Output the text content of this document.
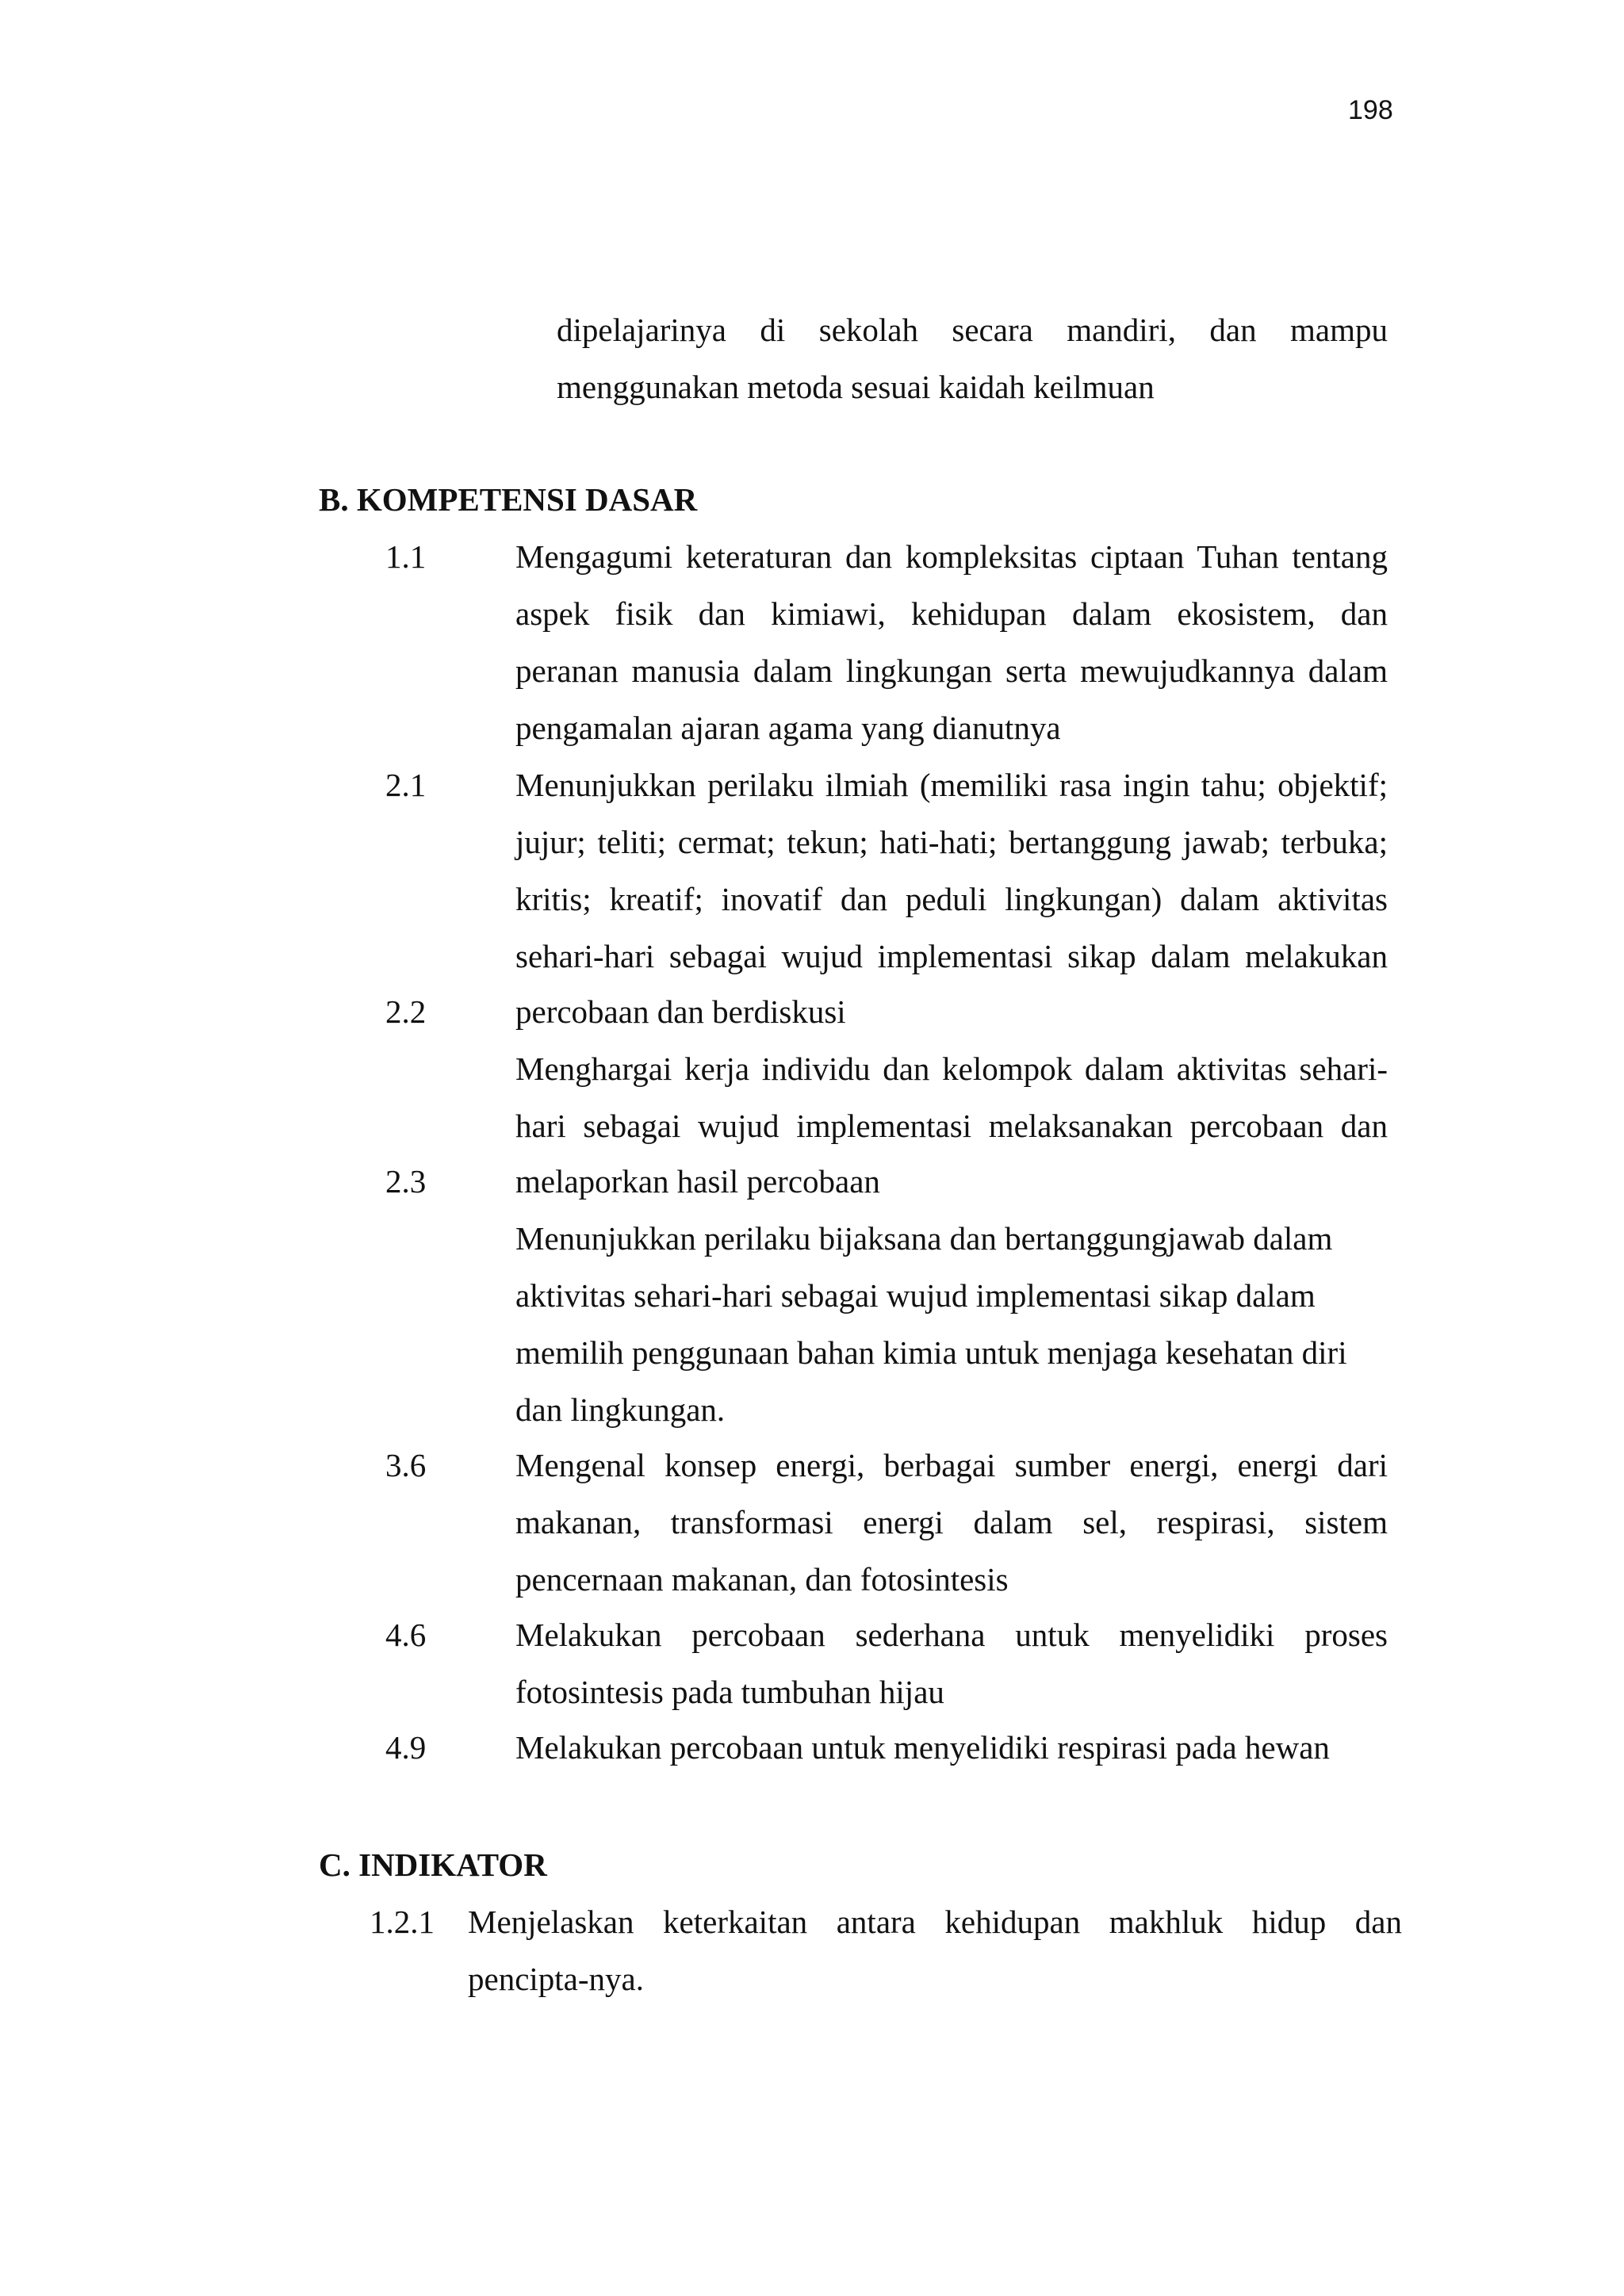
198
dipelajarinya di sekolah secara mandiri, dan mampu
menggunakan metoda sesuai kaidah keilmuan
B. KOMPETENSI DASAR
1.1
2.1
2.2
2.3
3.6
4.6
4.9
Mengagumi keteraturan dan kompleksitas ciptaan Tuhan tentang
aspek fisik dan kimiawi, kehidupan dalam ekosistem, dan
peranan manusia dalam lingkungan serta mewujudkannya dalam
pengamalan ajaran agama yang dianutnya
Menunjukkan perilaku ilmiah (memiliki rasa ingin tahu; objektif;
jujur; teliti; cermat; tekun; hati-hati; bertanggung jawab; terbuka;
kritis; kreatif; inovatif dan peduli lingkungan) dalam aktivitas
sehari-hari sebagai wujud implementasi sikap dalam melakukan
percobaan dan berdiskusi
Menghargai kerja individu dan kelompok dalam aktivitas sehari-
hari sebagai wujud implementasi melaksanakan percobaan dan
melaporkan hasil percobaan
Menunjukkan perilaku bijaksana dan bertanggungjawab dalam
aktivitas sehari-hari sebagai wujud implementasi sikap dalam
memilih penggunaan bahan kimia untuk menjaga kesehatan diri
dan lingkungan.
Mengenal konsep energi, berbagai sumber energi, energi dari
makanan, transformasi energi dalam sel, respirasi, sistem
pencernaan makanan, dan fotosintesis
Melakukan percobaan sederhana untuk menyelidiki proses
fotosintesis pada tumbuhan hijau
Melakukan percobaan untuk menyelidiki respirasi pada hewan
C. INDIKATOR
1.2.1 Menjelaskan keterkaitan antara kehidupan makhluk hidup dan
pencipta-nya.
